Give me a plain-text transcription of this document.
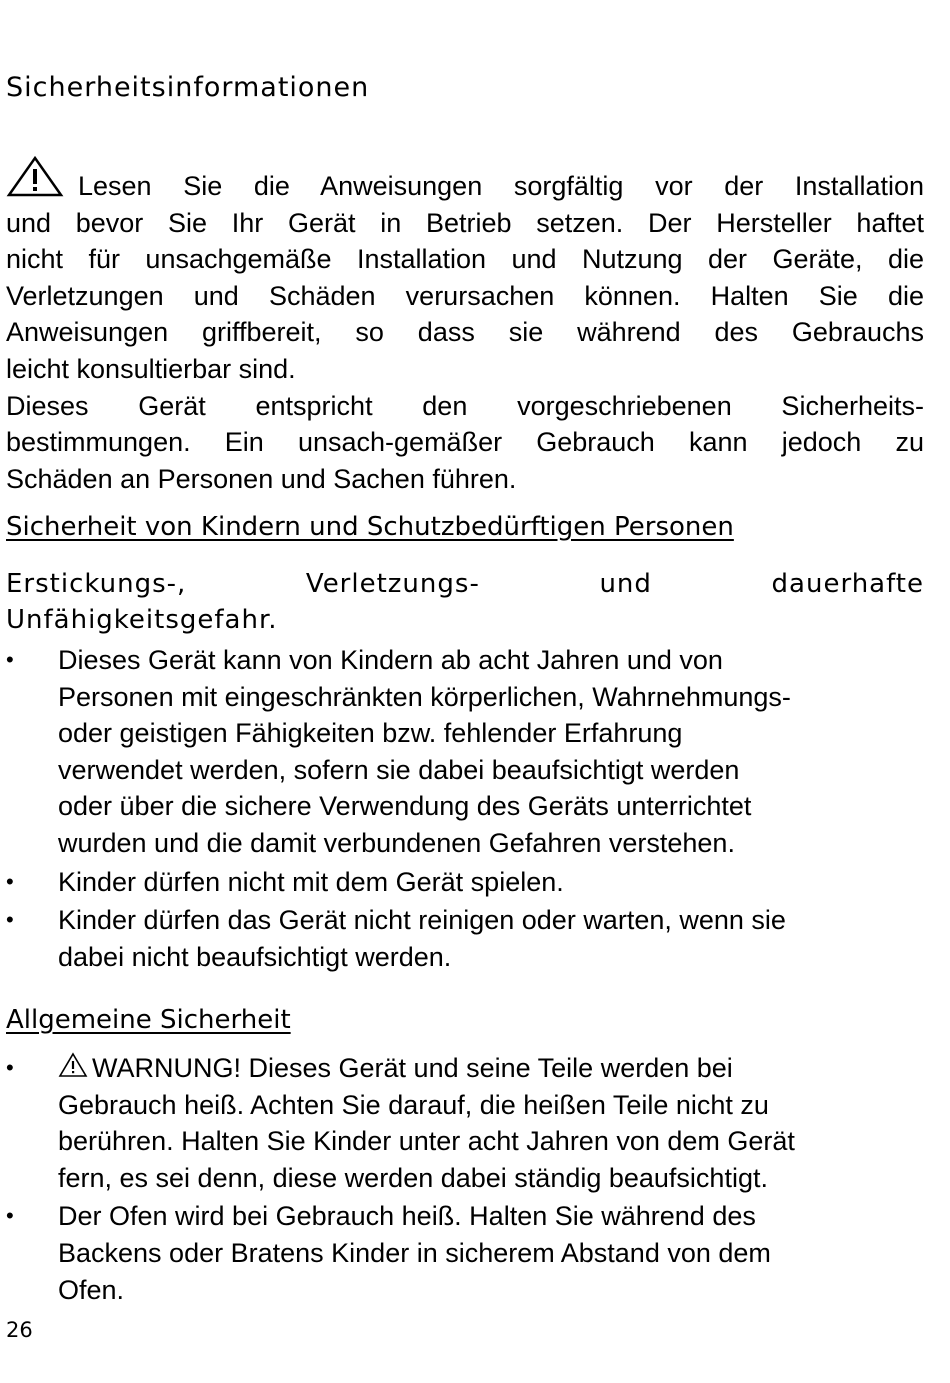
Sicherheitsinformationen
Lesen Sie die Anweisungen sorgfältig vor der Installation
und bevor Sie Ihr Gerät in Betrieb setzen. Der Hersteller haftet
nicht für unsachgemäße Installation und Nutzung der Geräte, die
Verletzungen und Schäden verursachen können. Halten Sie die
Anweisungen griffbereit, so dass sie während des Gebrauchs
leicht konsultierbar sind.
Dieses Gerät entspricht den vorgeschriebenen Sicherheits-
bestimmungen. Ein unsach-gemäßer Gebrauch kann jedoch zu
Schäden an Personen und Sachen führen.
Sicherheit von Kindern und Schutzbedürftigen Personen
Erstickungs-, Verletzungs- und dauerhafte
Unfähigkeitsgefahr.
• Dieses Gerät kann von Kindern ab acht Jahren und von
Personen mit eingeschränkten körperlichen, Wahrnehmungs-
oder geistigen Fähigkeiten bzw. fehlender Erfahrung
verwendet werden, sofern sie dabei beaufsichtigt werden
oder über die sichere Verwendung des Geräts unterrichtet
wurden und die damit verbundenen Gefahren verstehen.
• Kinder dürfen nicht mit dem Gerät spielen.
• Kinder dürfen das Gerät nicht reinigen oder warten, wenn sie
dabei nicht beaufsichtigt werden.
Allgemeine Sicherheit
•	WARNUNG! Dieses Gerät und seine Teile werden bei
Gebrauch heiß. Achten Sie darauf, die heißen Teile nicht zu
berühren. Halten Sie Kinder unter acht Jahren von dem Gerät
fern, es sei denn, diese werden dabei ständig beaufsichtigt.
• Der Ofen wird bei Gebrauch heiß. Halten Sie während des
Backens oder Bratens Kinder in sicherem Abstand von dem
Ofen.
26
